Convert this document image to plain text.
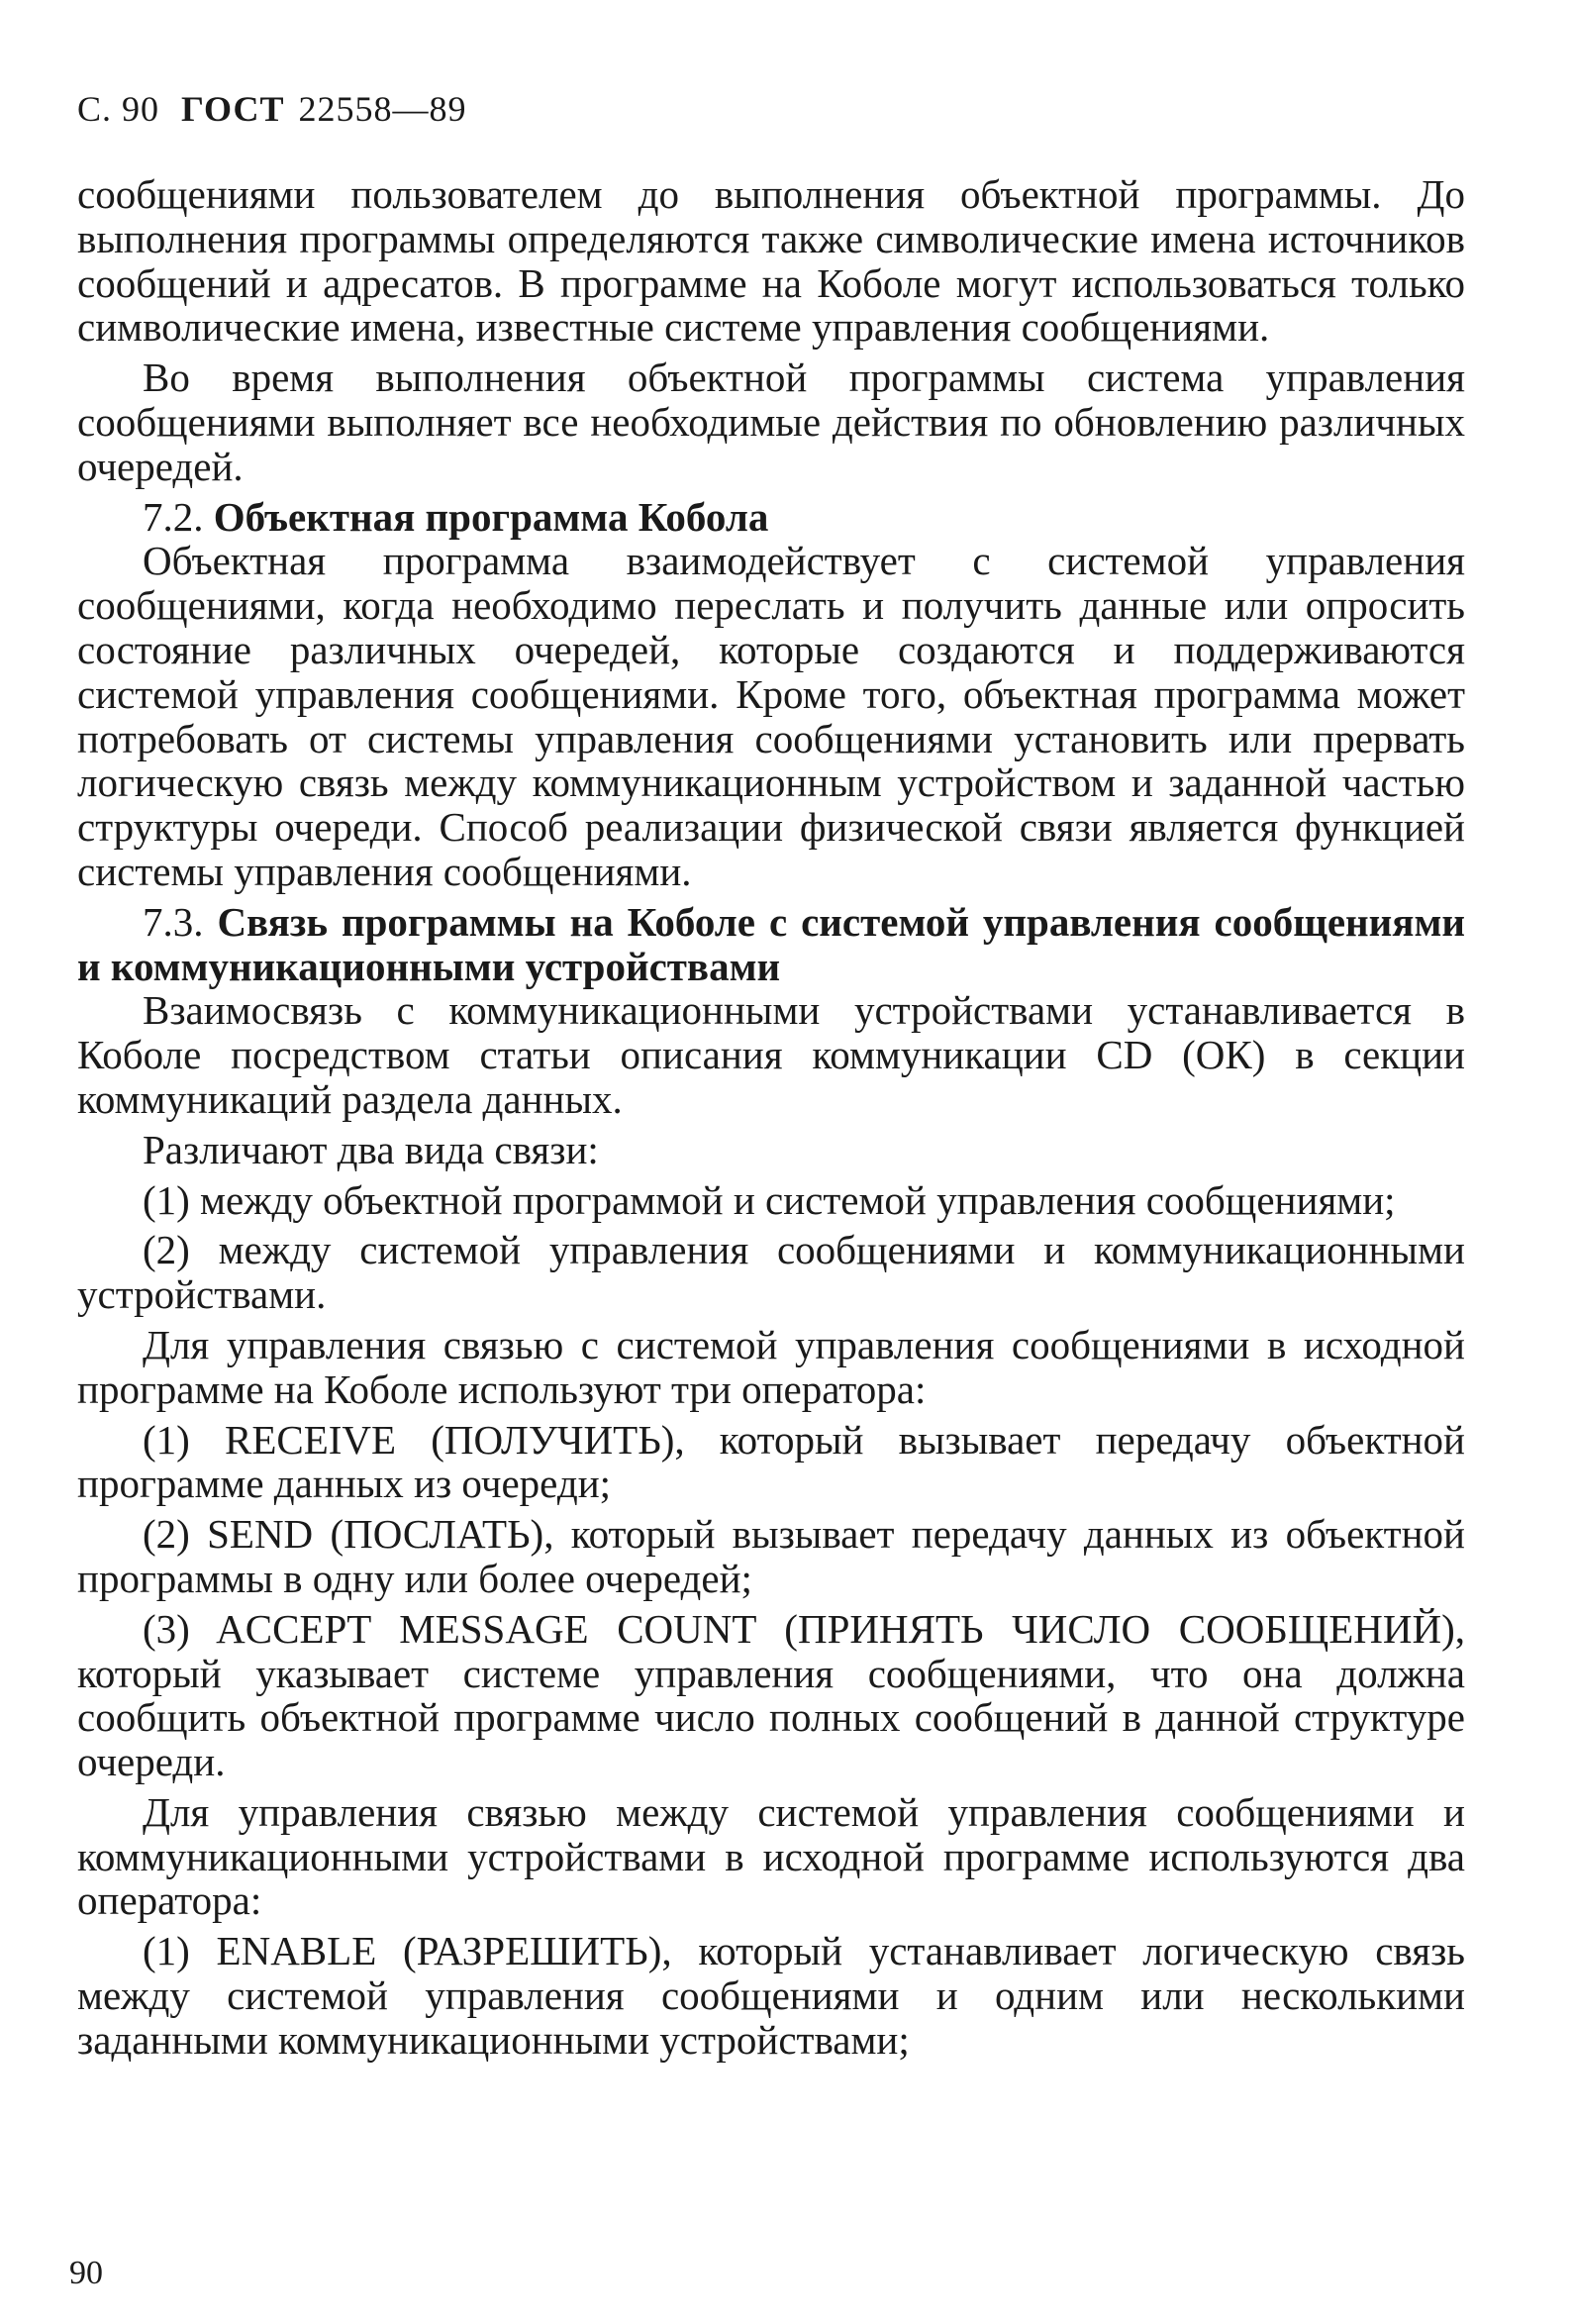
С. 90 ГОСТ 22558—89

сообщениями пользователем до выполнения объектной программы. До выполнения программы определяются также символические имена источников сообщений и адресатов. В программе на Коболе могут использоваться только символические имена, известные системе управления сообщениями.

Во время выполнения объектной программы система управления сообщениями выполняет все необходимые действия по обновлению различных очередей.

7.2. Объектная программа Кобола

Объектная программа взаимодействует с системой управления сообщениями, когда необходимо переслать и получить данные или опросить состояние различных очередей, которые создаются и поддерживаются системой управления сообщениями. Кроме того, объектная программа может потребовать от системы управления сообщениями установить или прервать логическую связь между коммуникационным устройством и заданной частью структуры очереди. Способ реализации физической связи является функцией системы управления сообщениями.

7.3. Связь программы на Коболе с системой управления сообщениями и коммуникационными устройствами

Взаимосвязь с коммуникационными устройствами устанавливается в Коболе посредством статьи описания коммуникации CD (ОК) в секции коммуникаций раздела данных.

Различают два вида связи:

(1) между объектной программой и системой управления сообщениями;

(2) между системой управления сообщениями и коммуникационными устройствами.

Для управления связью с системой управления сообщениями в исходной программе на Коболе используют три оператора:

(1) RECEIVE (ПОЛУЧИТЬ), который вызывает передачу объектной программе данных из очереди;

(2) SEND (ПОСЛАТЬ), который вызывает передачу данных из объектной программы в одну или более очередей;

(3) ACCEPT MESSAGE COUNT (ПРИНЯТЬ ЧИСЛО СООБЩЕНИЙ), который указывает системе управления сообщениями, что она должна сообщить объектной программе число полных сообщений в данной структуре очереди.

Для управления связью между системой управления сообщениями и коммуникационными устройствами в исходной программе используются два оператора:

(1) ENABLE (РАЗРЕШИТЬ), который устанавливает логическую связь между системой управления сообщениями и одним или несколькими заданными коммуникационными устройствами;

90
